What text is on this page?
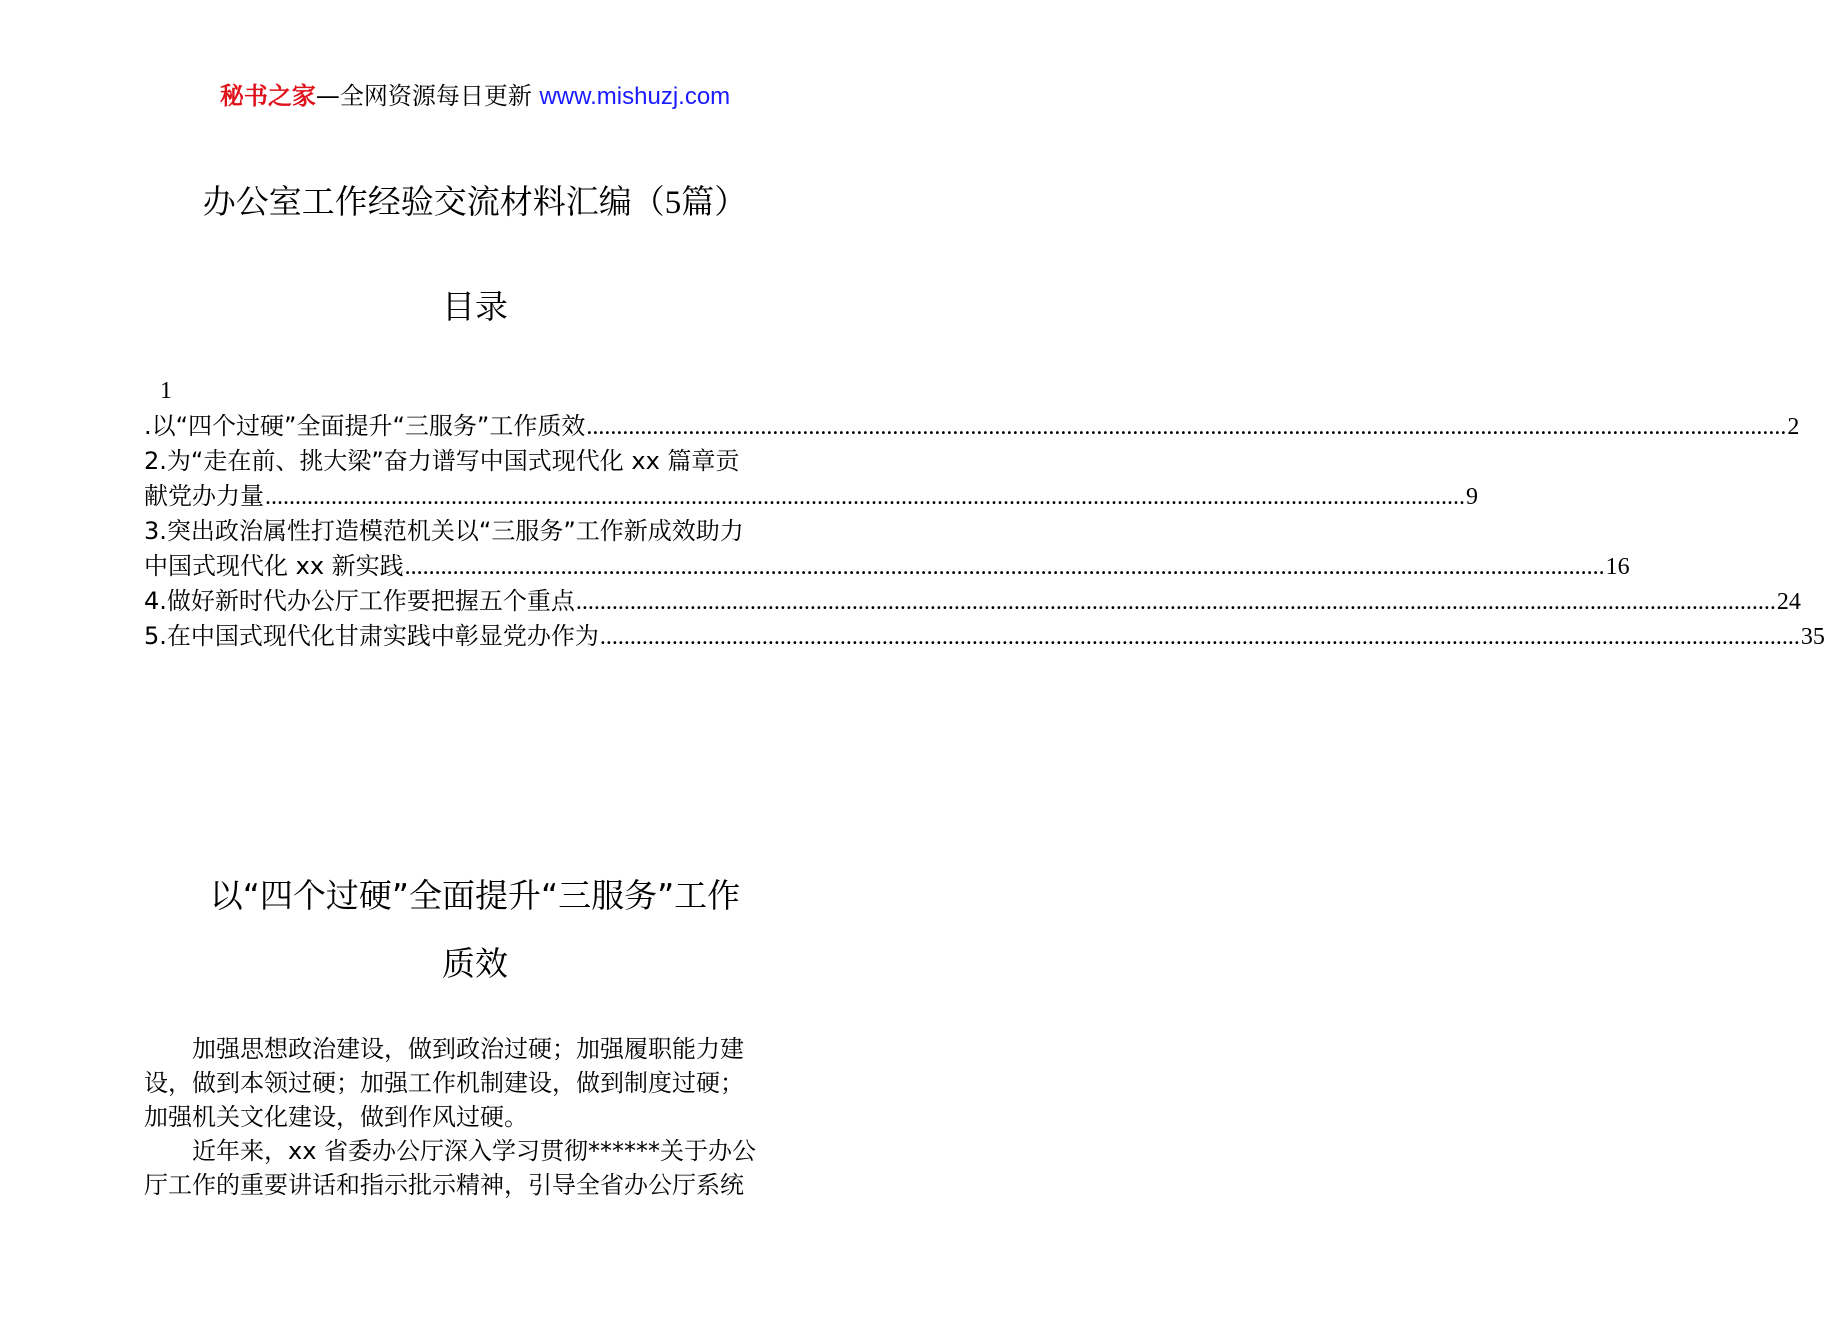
秘书之家—全网资源每日更新 www.mishuzj.com
办公室工作经验交流材料汇编（5篇）
目录
1
.以“四个过硬”全面提升“三服务”工作质效 ........................................................................................................................................................................................................ 2
2.为“走在前、挑大梁”奋力谱写中国式现代化 xx 篇章贡
献党办力量 ........................................................................................................................................................................................................ 9
3.突出政治属性打造模范机关以“三服务”工作新成效助力
中国式现代化 xx 新实践 ........................................................................................................................................................................................................ 16
4.做好新时代办公厅工作要把握五个重点 ........................................................................................................................................................................................................ 24
5.在中国式现代化甘肃实践中彰显党办作为 ........................................................................................................................................................................................................ 35
以“四个过硬”全面提升“三服务”工作
质效
加强思想政治建设，做到政治过硬；加强履职能力建
设，做到本领过硬；加强工作机制建设，做到制度过硬；
加强机关文化建设，做到作风过硬。
近年来，xx 省委办公厅深入学习贯彻******关于办公
厅工作的重要讲话和指示批示精神，引导全省办公厅系统
